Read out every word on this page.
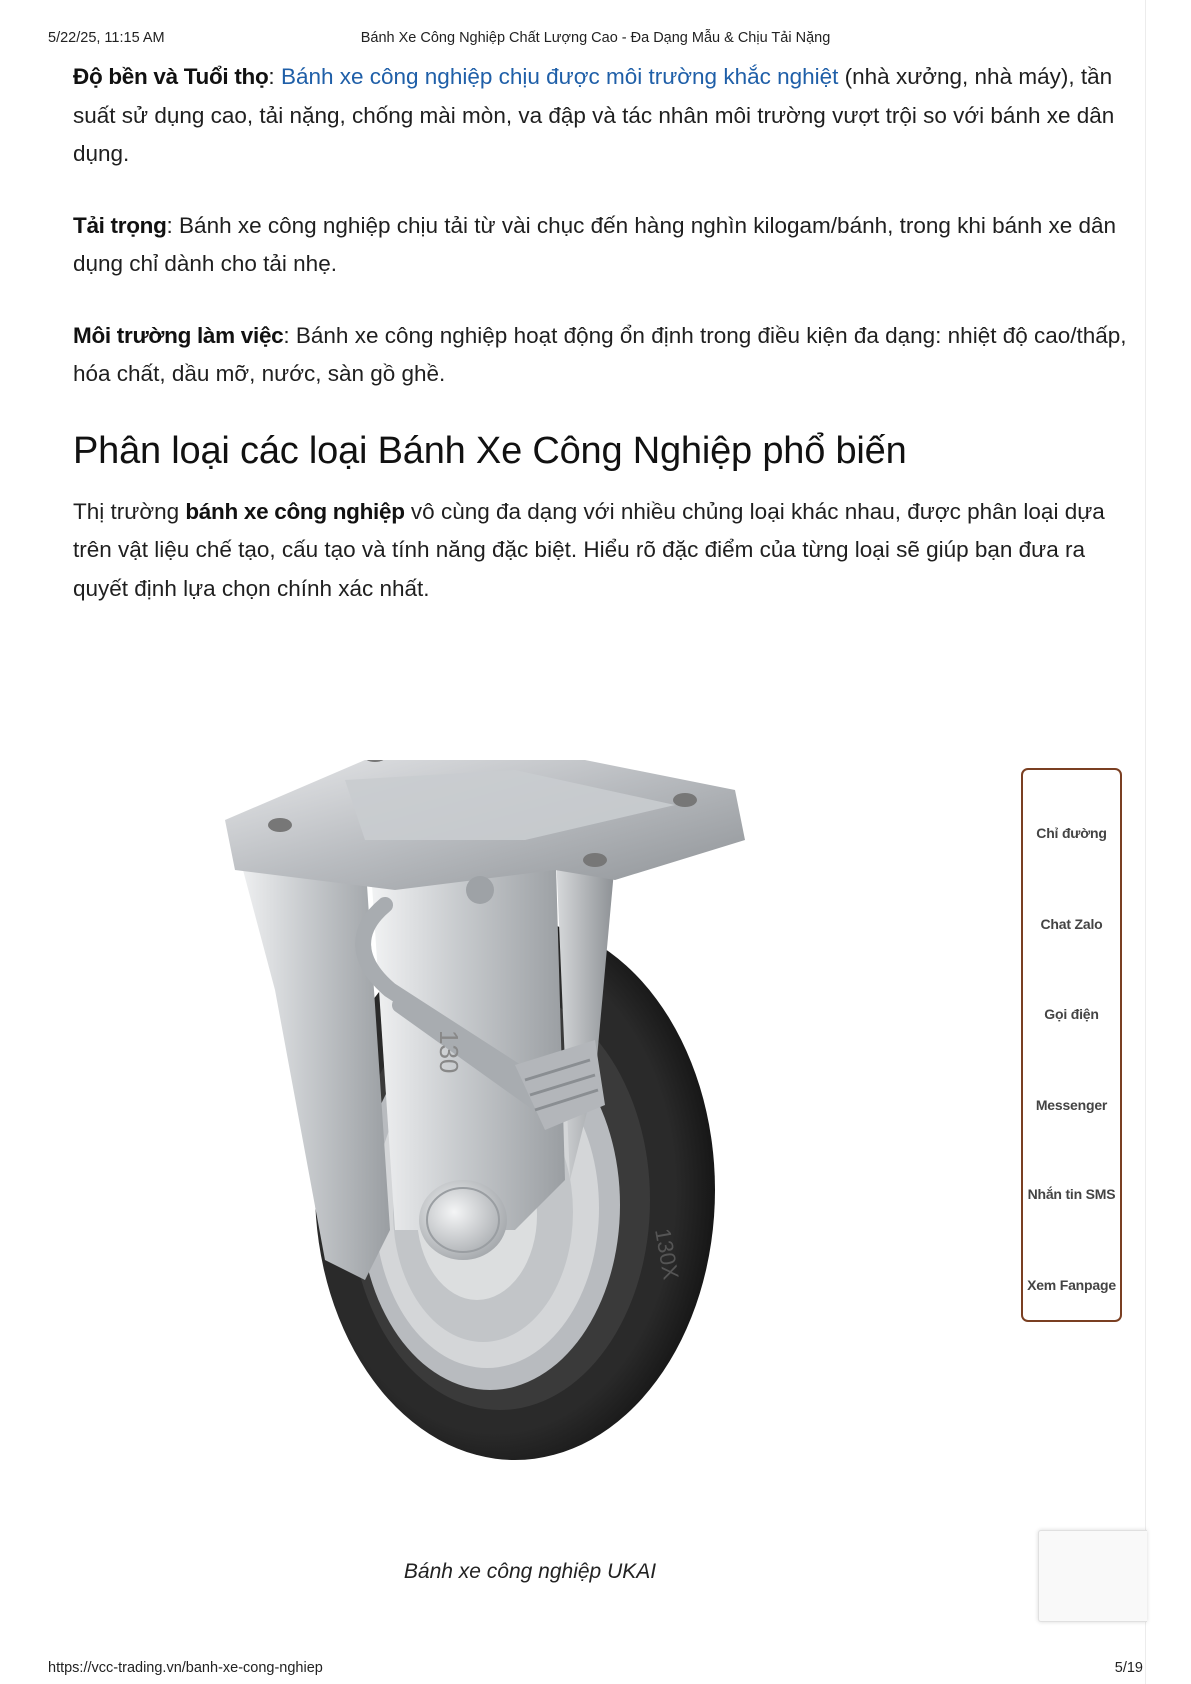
5/22/25, 11:15 AM	Bánh Xe Công Nghiệp Chất Lượng Cao - Đa Dạng Mẫu & Chịu Tải Nặng

Độ bền và Tuổi thọ: Bánh xe công nghiệp chịu được môi trường khắc nghiệt (nhà xưởng, nhà máy), tần suất sử dụng cao, tải nặng, chống mài mòn, va đập và tác nhân môi trường vượt trội so với bánh xe dân dụng.

Tải trọng: Bánh xe công nghiệp chịu tải từ vài chục đến hàng nghìn kilogam/bánh, trong khi bánh xe dân dụng chỉ dành cho tải nhẹ.

Môi trường làm việc: Bánh xe công nghiệp hoạt động ổn định trong điều kiện đa dạng: nhiệt độ cao/thấp, hóa chất, dầu mỡ, nước, sàn gồ ghề.

Phân loại các loại Bánh Xe Công Nghiệp phổ biến

Thị trường bánh xe công nghiệp vô cùng đa dạng với nhiều chủng loại khác nhau, được phân loại dựa trên vật liệu chế tạo, cấu tạo và tính năng đặc biệt. Hiểu rõ đặc điểm của từng loại sẽ giúp bạn đưa ra quyết định lựa chọn chính xác nhất.

130X
130
Bánh xe công nghiệp UKAI
Chỉ đường
Chat Zalo
Gọi điện
Messenger
Nhắn tin SMS
Xem Fanpage
https://vcc-trading.vn/banh-xe-cong-nghiep	5/19
